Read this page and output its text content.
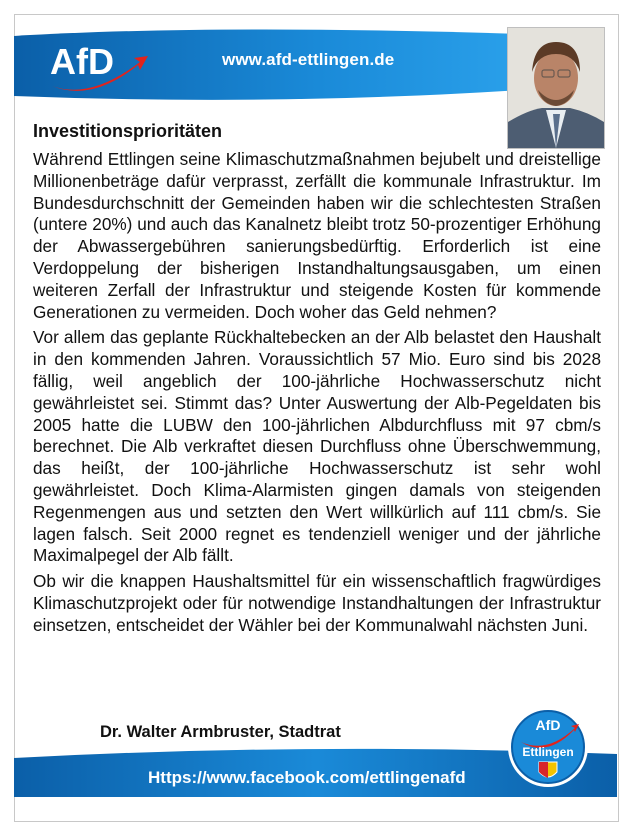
AfD	www.afd-ettlingen.de
Investitionsprioritäten

Während Ettlingen seine Klimaschutzmaßnahmen bejubelt und dreistellige Millionenbeträge dafür verprasst, zerfällt die kommunale Infrastruktur. Im Bundesdurchschnitt der Gemeinden haben wir die schlechtesten Straßen (untere 20%) und auch das Kanalnetz bleibt trotz 50-prozentiger Erhöhung der Abwassergebühren sanierungsbedürftig. Erforderlich ist eine Verdoppelung der bisherigen Instandhaltungsausgaben, um einen weiteren Zerfall der Infrastruktur und steigende Kosten für kommende Generationen zu vermeiden. Doch woher das Geld nehmen?

Vor allem das geplante Rückhaltebecken an der Alb belastet den Haushalt in den kommenden Jahren. Voraussichtlich 57 Mio. Euro sind bis 2028 fällig, weil angeblich der 100-jährliche Hochwasserschutz nicht gewährleistet sei. Stimmt das? Unter Auswertung der Alb-Pegeldaten bis 2005 hatte die LUBW den 100-jährlichen Albdurchfluss mit 97 cbm/s berechnet. Die Alb verkraftet diesen Durchfluss ohne Überschwemmung, das heißt, der 100-jährliche Hochwasserschutz ist sehr wohl gewährleistet. Doch Klima-Alarmisten gingen damals von steigenden Regenmengen aus und setzten den Wert willkürlich auf 111 cbm/s. Sie lagen falsch. Seit 2000 regnet es tendenziell weniger und der jährliche Maximalpegel der Alb fällt.

Ob wir die knappen Haushaltsmittel für ein wissenschaftlich fragwürdiges Klimaschutzprojekt oder für notwendige Instandhaltungen der Infrastruktur einsetzen, entscheidet der Wähler bei der Kommunalwahl nächsten Juni.

Dr. Walter Armbruster, Stadtrat
Https://www.facebook.com/ettlingenafd
AfD
Ettlingen
